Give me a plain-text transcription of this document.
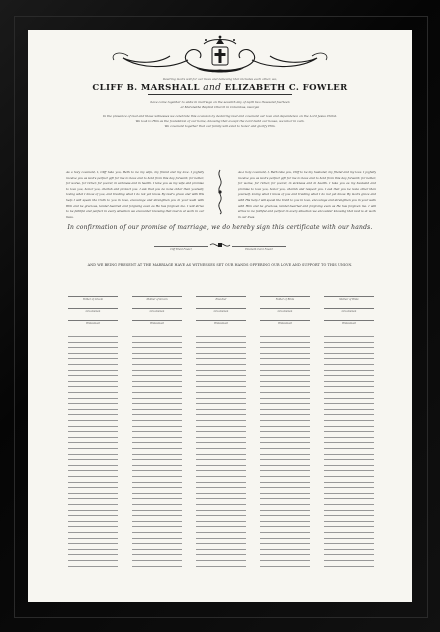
Desiring God's will for our lives and believing that includes each other, we,
CLIFF B. MARSHALL and ELIZABETH C. FOWLER
have come together to unite in marriage on the seventh day of April two thousand fourteen
at Maranatha Baptist Church in Columbus, Georgia
In the presence of God and these witnesses we celebrate this occasion by declaring God and covenant our love and dependence on the Lord Jesus Christ.
We look to Him as the foundation of our home, knowing that except the Lord build our house, we labor in vain.
We covenant together that our family will exist to honor and glorify Him.
As a holy covenant, I, Cliff take you, Beth to be my wife, my friend and my love. I joyfully receive you as God's perfect gift for me to have and to hold from this day forward; for better, for worse, for richer, for poorer, in sickness and in health. I take you as my wife and promise to love you, honor you, cherish and protect you. I ask that you be none other than yourself, loving what I know of you, and trusting what I do not yet know. By God's grace and with His help I will speak the truth to you in love, encourage and strengthen you in your walk with Him and be gracious, tender-hearted and forgiving even as He has forgiven me. I will strive to be faithful and perfect in every situation we encounter knowing that God is at work in our lives.
As a holy covenant, I, Beth take you, Cliff to be my husband, my friend and my love. I joyfully receive you as God's perfect gift for me to have and to hold from this day forward; for better, for worse, for richer, for poorer, in sickness and in health. I take you as my husband and promise to love you, honor you, cherish and respect you. I ask that you be none other than yourself, loving what I know of you and trusting what I do not yet know. By God's grace and with His help I will speak the truth to you in love, encourage and strengthen you in your walk with Him and be gracious, tender-hearted and forgiving even as He has forgiven me. I will strive to be faithful and perfect in every situation we encounter knowing that God is at work in our lives.
In confirmation of our promise of marriage, we do hereby sign this certificate with our hands.
Cliff Brent Fowler	Elizabeth Carol Fowler
AND WE BEING PRESENT AT THE MARRIAGE HAVE AS WITNESSES SET OUR HANDS OFFERING OUR LOVE AND SUPPORT TO THIS UNION.
Father of Groom	Mother of Groom	Preacher	Father of Bride	Mother of Bride
Groomsman	Groomsman	Groomsman	Groomsman	Groomsman
Bridesmaid	Bridesmaid	Bridesmaid	Bridesmaid	Bridesmaid
